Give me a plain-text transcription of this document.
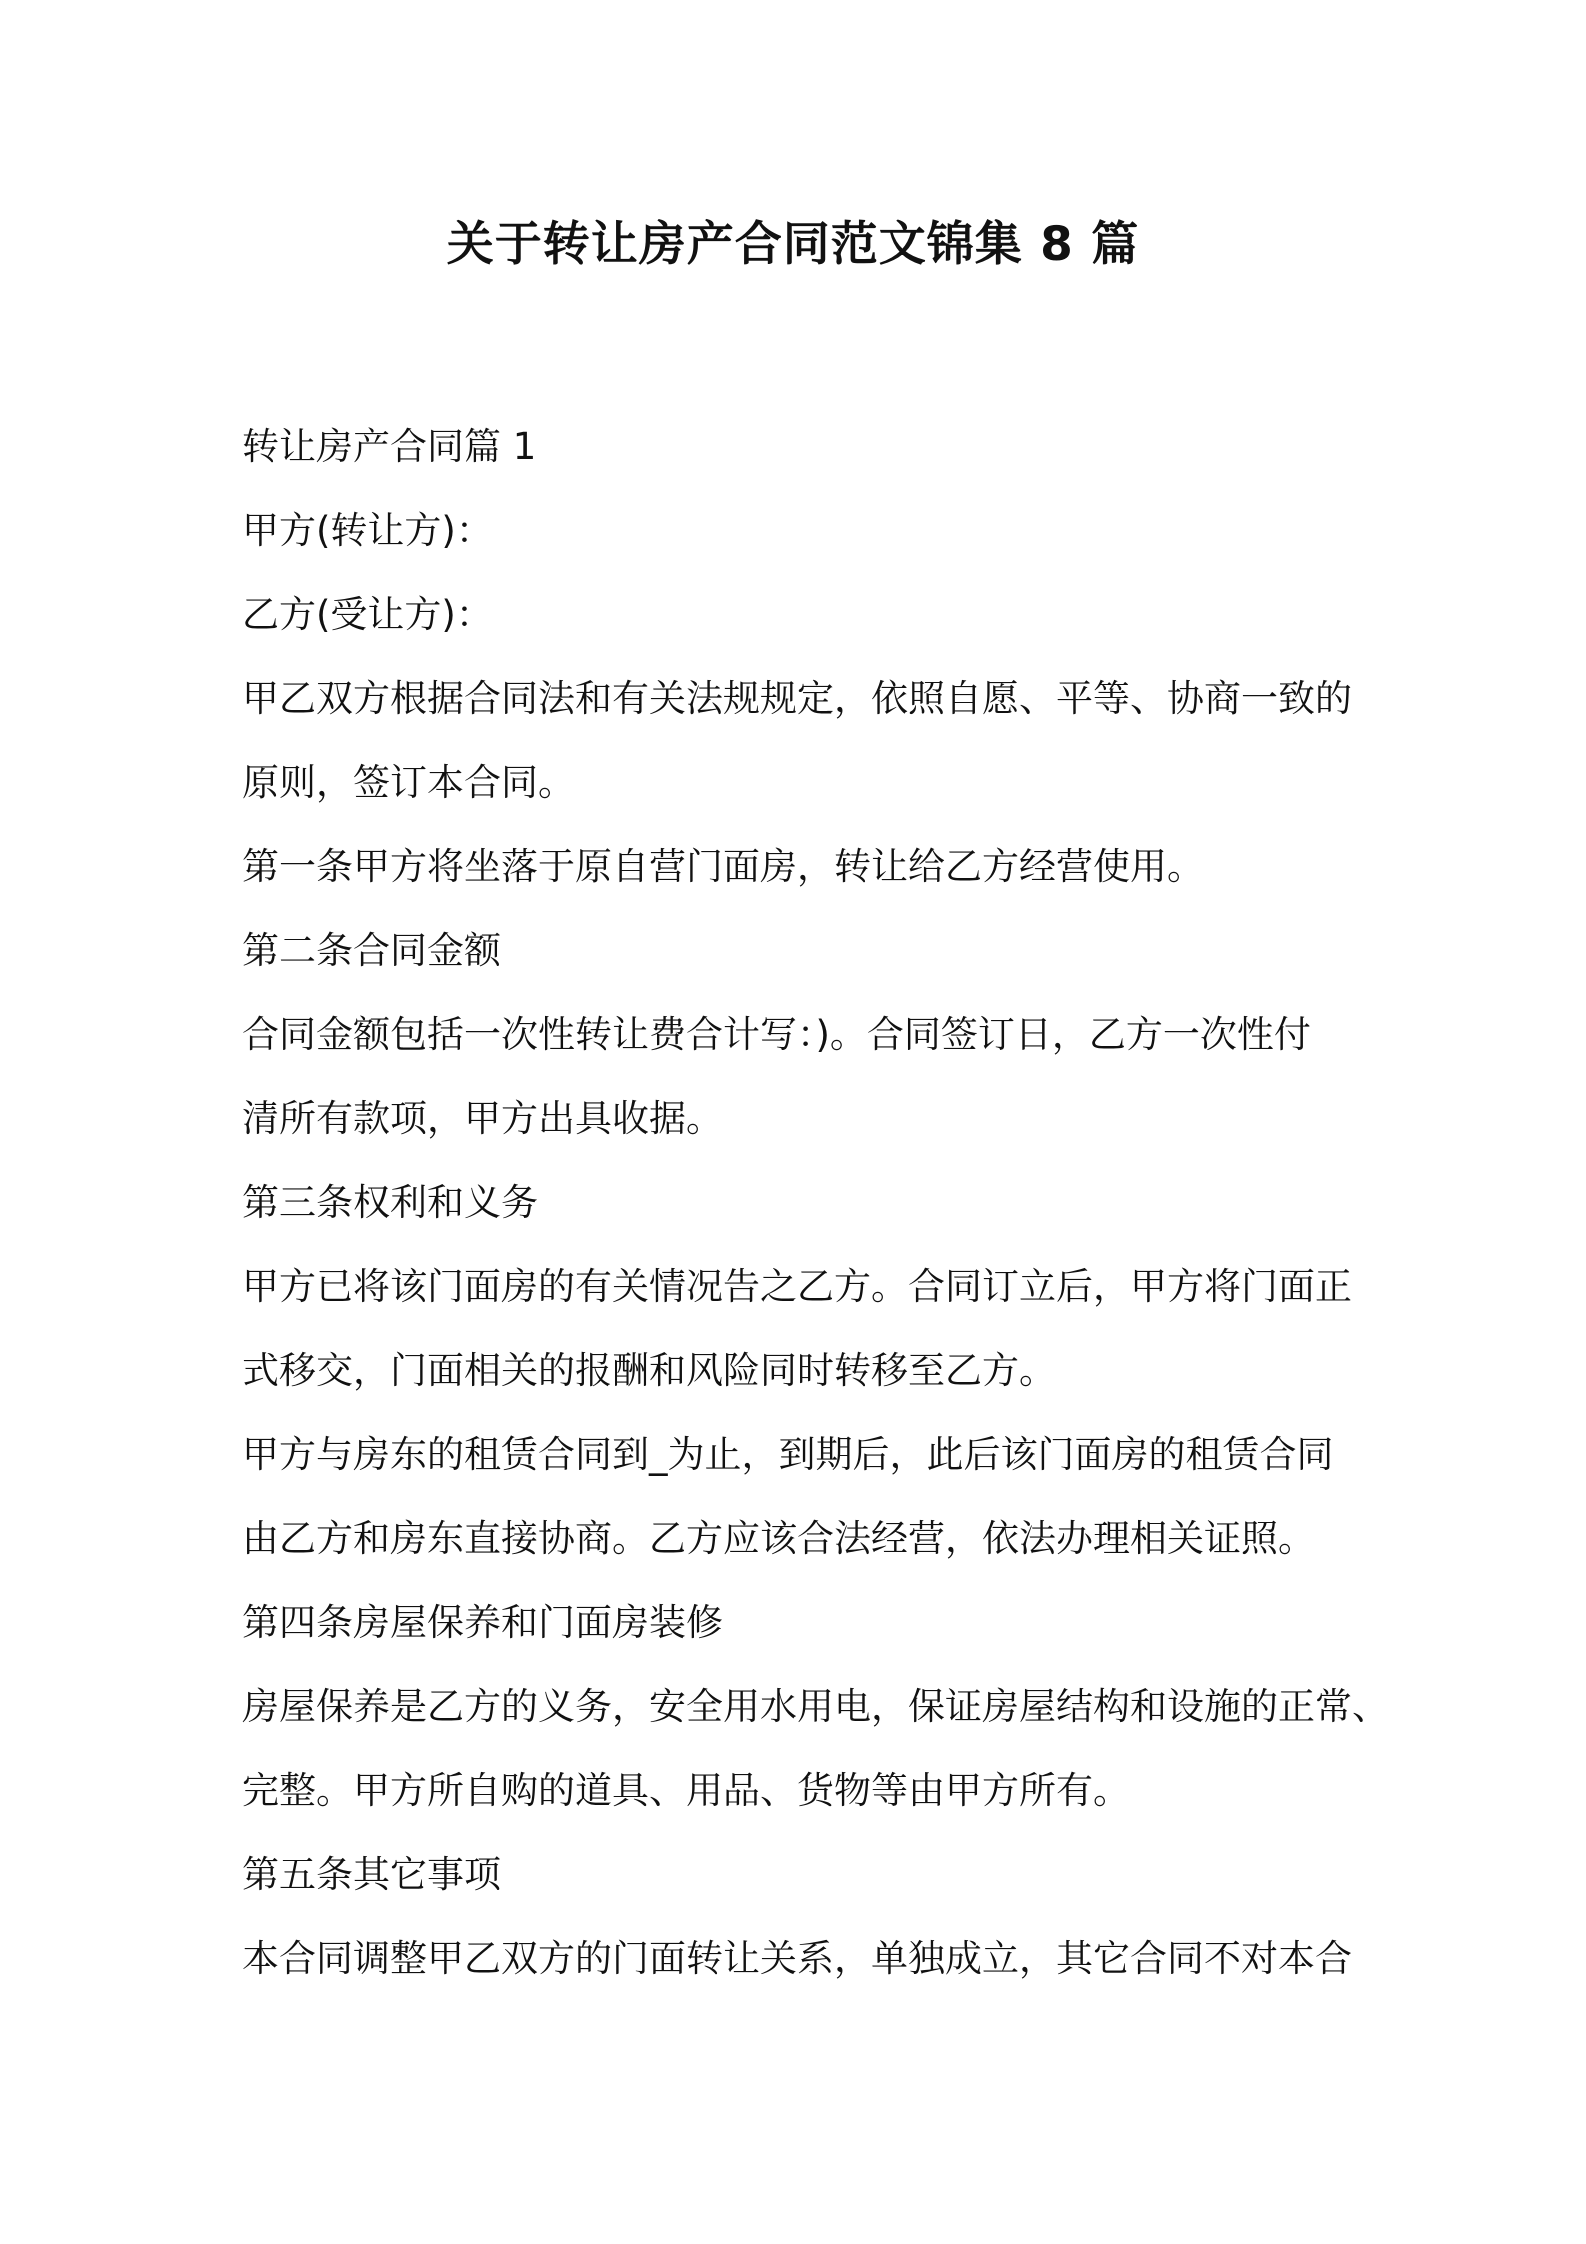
关于转让房产合同范文锦集 8 篇

转让房产合同篇 1

甲方(转让方)：

乙方(受让方)：

甲乙双方根据合同法和有关法规规定，依照自愿、平等、协商一致的

原则，签订本合同。

第一条甲方将坐落于原自营门面房，转让给乙方经营使用。

第二条合同金额

合同金额包括一次性转让费合计写：)。合同签订日，乙方一次性付

清所有款项，甲方出具收据。

第三条权利和义务

甲方已将该门面房的有关情况告之乙方。合同订立后，甲方将门面正

式移交，门面相关的报酬和风险同时转移至乙方。

甲方与房东的租赁合同到_为止，到期后，此后该门面房的租赁合同

由乙方和房东直接协商。乙方应该合法经营，依法办理相关证照。

第四条房屋保养和门面房装修

房屋保养是乙方的义务，安全用水用电，保证房屋结构和设施的正常、

完整。甲方所自购的道具、用品、货物等由甲方所有。

第五条其它事项

本合同调整甲乙双方的门面转让关系，单独成立，其它合同不对本合
